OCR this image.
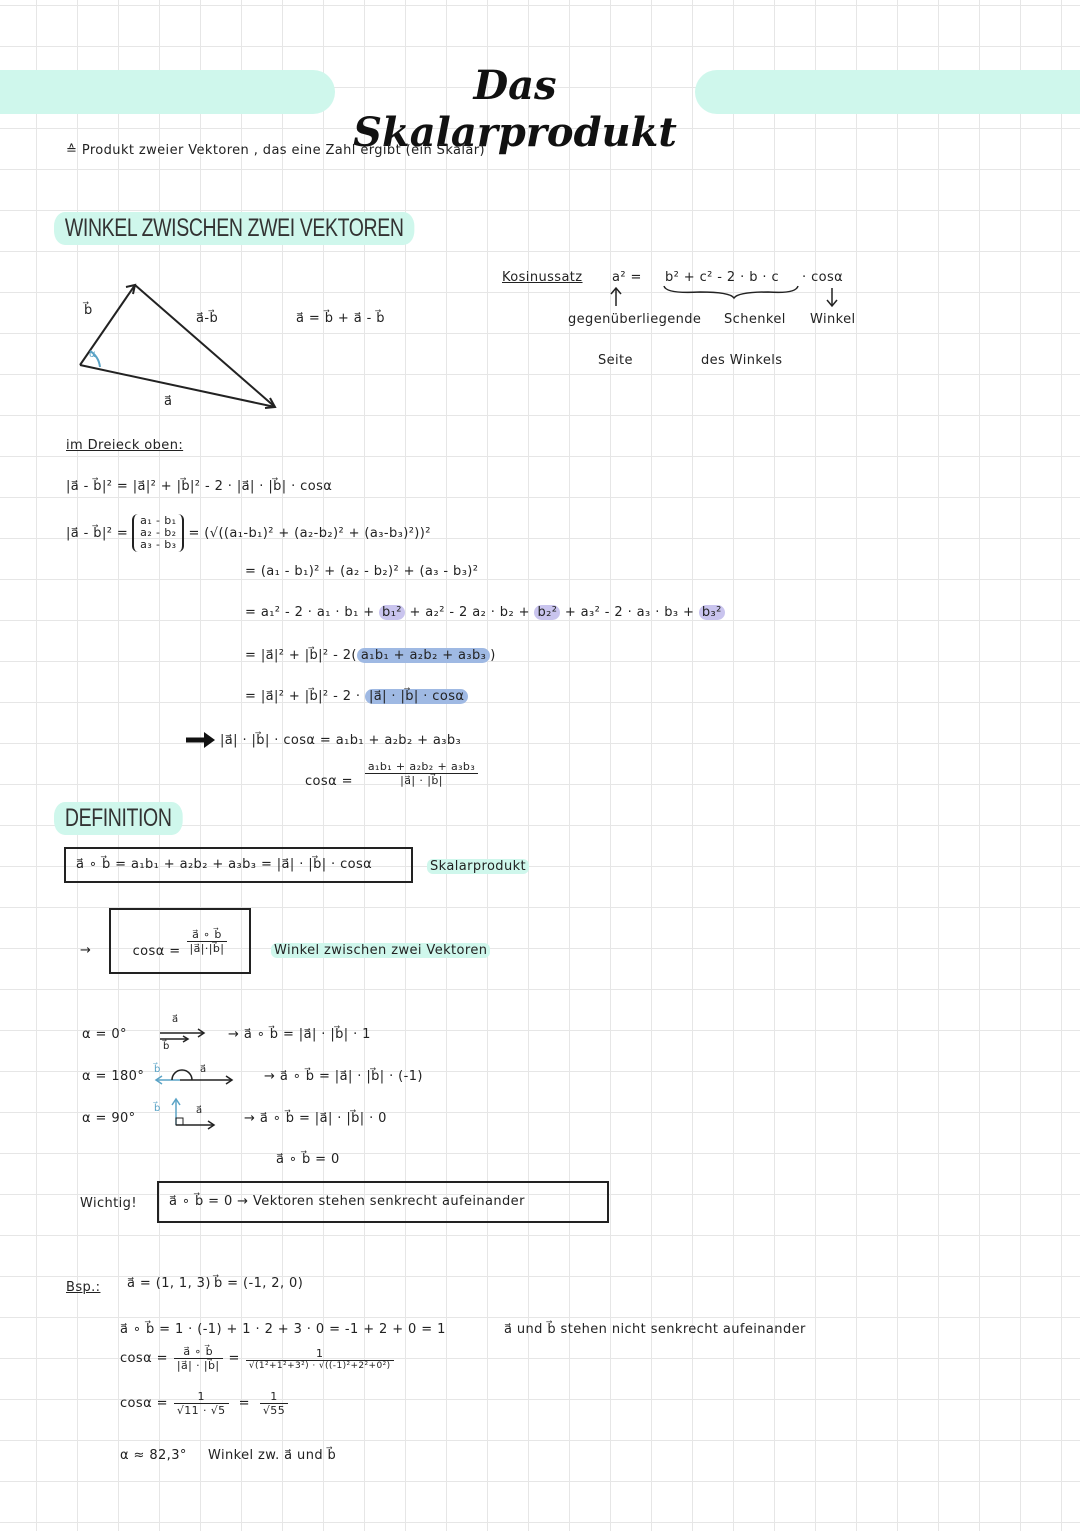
Das Skalarprodukt
≙ Produkt zweier Vektoren , das eine Zahl ergibt (ein Skalar)
WINKEL ZWISCHEN ZWEI VEKTOREN
b⃗
a⃗
a⃗-b⃗
α
a⃗ = b⃗ + a⃗ - b⃗
Kosinussatz a² = b² + c² - 2 · b · c · cosα
gegenüberliegende Schenkel Winkel
Seite	des Winkels
im Dreieck oben:
|a⃗ - b⃗|² = |a⃗|² + |b⃗|² - 2 · |a⃗| · |b⃗| · cosα
|a⃗ - b⃗|² =
a₁ - b₁
a₂ - b₂
a₃ - b₃
= (√((a₁-b₁)² + (a₂-b₂)² + (a₃-b₃)²))²
= (a₁ - b₁)² + (a₂ - b₂)² + (a₃ - b₃)²
= a₁² - 2 · a₁ · b₁ + b₁² + a₂² - 2 a₂ · b₂ + b₂² + a₃² - 2 · a₃ · b₃ + b₃²
= |a⃗|² + |b⃗|² - 2( a₁b₁ + a₂b₂ + a₃b₃ )
= |a⃗|² + |b⃗|² - 2 · |a⃗| · |b⃗| · cosα
|a⃗| · |b⃗| · cosα = a₁b₁ + a₂b₂ + a₃b₃
$\cos\alpha = \frac{\text{a₁b₁ + a₂b₂ + a₃b₃}}{|a⃗| \cdot |b⃗|}$
DEFINITION
a⃗ ∘ b⃗ = a₁b₁ + a₂b₂ + a₃b₃ = |a⃗| · |b⃗| · cosα	Skalarprodukt
→	$\cos\alpha = \frac{a⃗ \circ b⃗}{|a⃗|\cdot|b⃗|}$	Winkel zwischen zwei Vektoren
α = 0°
a⃗
b⃗
→ a⃗ ∘ b⃗ = |a⃗| · |b⃗| · 1
α = 180°	a⃗
b⃗	→ a⃗ ∘ b⃗ = |a⃗| · |b⃗| · (-1)
α = 90°
b⃗	a⃗
→ a⃗ ∘ b⃗ = |a⃗| · |b⃗| · 0
a⃗ ∘ b⃗ = 0
Wichtig!	a⃗ ∘ b⃗ = 0 → Vektoren stehen senkrecht aufeinander
Bsp.: a⃗ = (1, 1, 3) b⃗ = (-1, 2, 0)
a⃗ ∘ b⃗ = 1 · (-1) + 1 · 2 + 3 · 0 = -1 + 2 + 0 = 1	a⃗ und b⃗ stehen nicht senkrecht aufeinander
$\cos\alpha = \frac{a⃗ \circ b⃗}{|a⃗| \cdot |b⃗|} = \frac{1}{\text{√(1²+1²+3²) · √((-1)²+2²+0²)}}$
$\cos\alpha = \frac{1}{√11 \cdot √5} = \frac{1}{√55}$
α ≈ 82,3° Winkel zw. a⃗ und b⃗
